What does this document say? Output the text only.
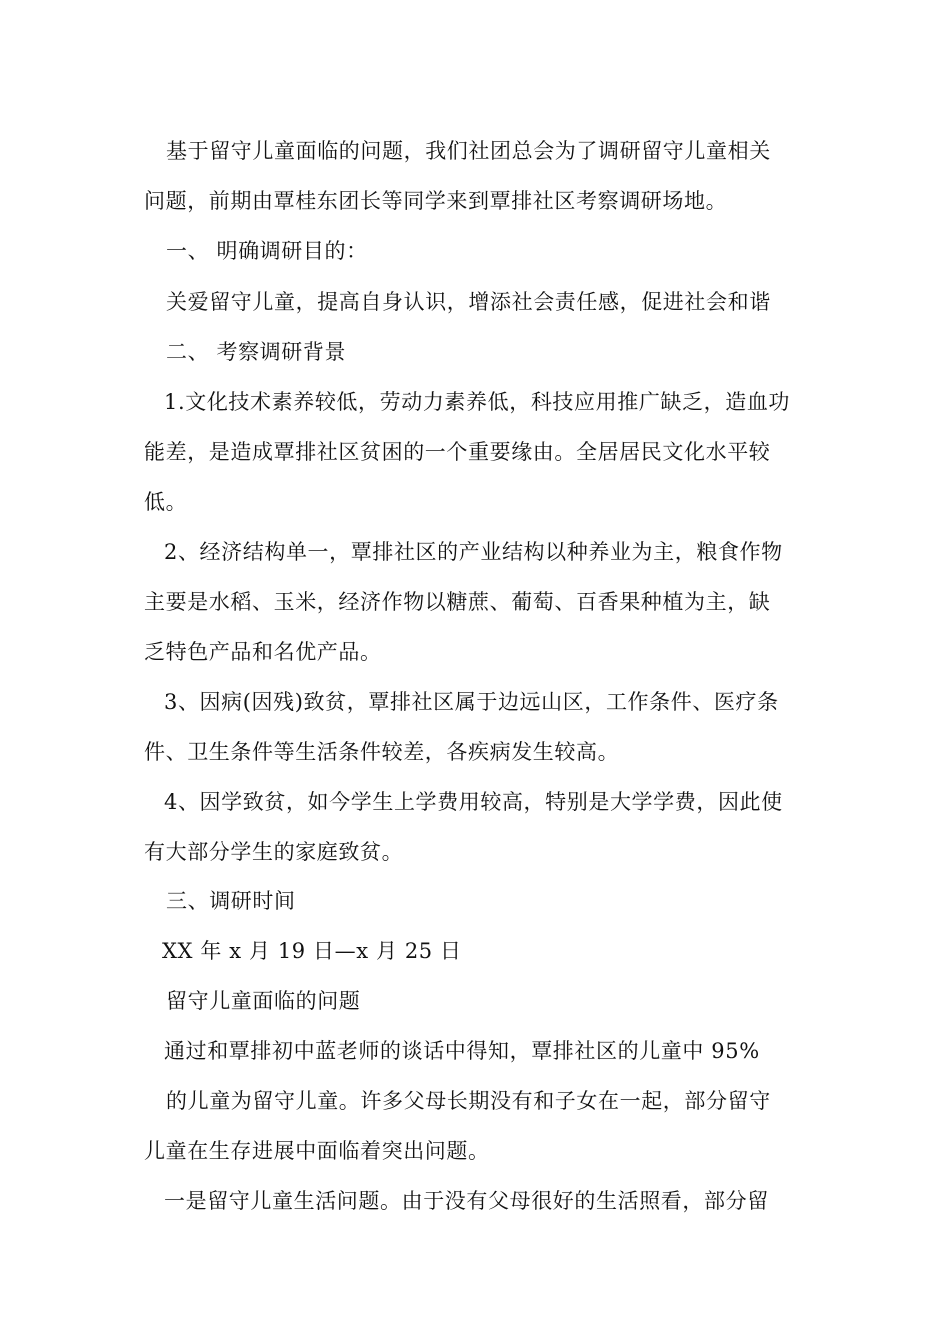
基于留守儿童面临的问题，我们社团总会为了调研留守儿童相关
问题，前期由覃桂东团长等同学来到覃排社区考察调研场地。
一、 明确调研目的：
关爱留守儿童，提高自身认识，增添社会责任感，促进社会和谐
二、 考察调研背景
1.文化技术素养较低，劳动力素养低，科技应用推广缺乏，造血功
能差，是造成覃排社区贫困的一个重要缘由。全居居民文化水平较
低。
2、经济结构单一，覃排社区的产业结构以种养业为主，粮食作物
主要是水稻、玉米，经济作物以糖蔗、葡萄、百香果种植为主，缺
乏特色产品和名优产品。
3、因病(因残)致贫，覃排社区属于边远山区，工作条件、医疗条
件、卫生条件等生活条件较差，各疾病发生较高。
4、因学致贫，如今学生上学费用较高，特别是大学学费，因此使
有大部分学生的家庭致贫。
三、调研时间
XX 年 x 月 19 日—x 月 25 日
留守儿童面临的问题
通过和覃排初中蓝老师的谈话中得知，覃排社区的儿童中 95%
的儿童为留守儿童。许多父母长期没有和子女在一起，部分留守
儿童在生存进展中面临着突出问题。
一是留守儿童生活问题。由于没有父母很好的生活照看，部分留
